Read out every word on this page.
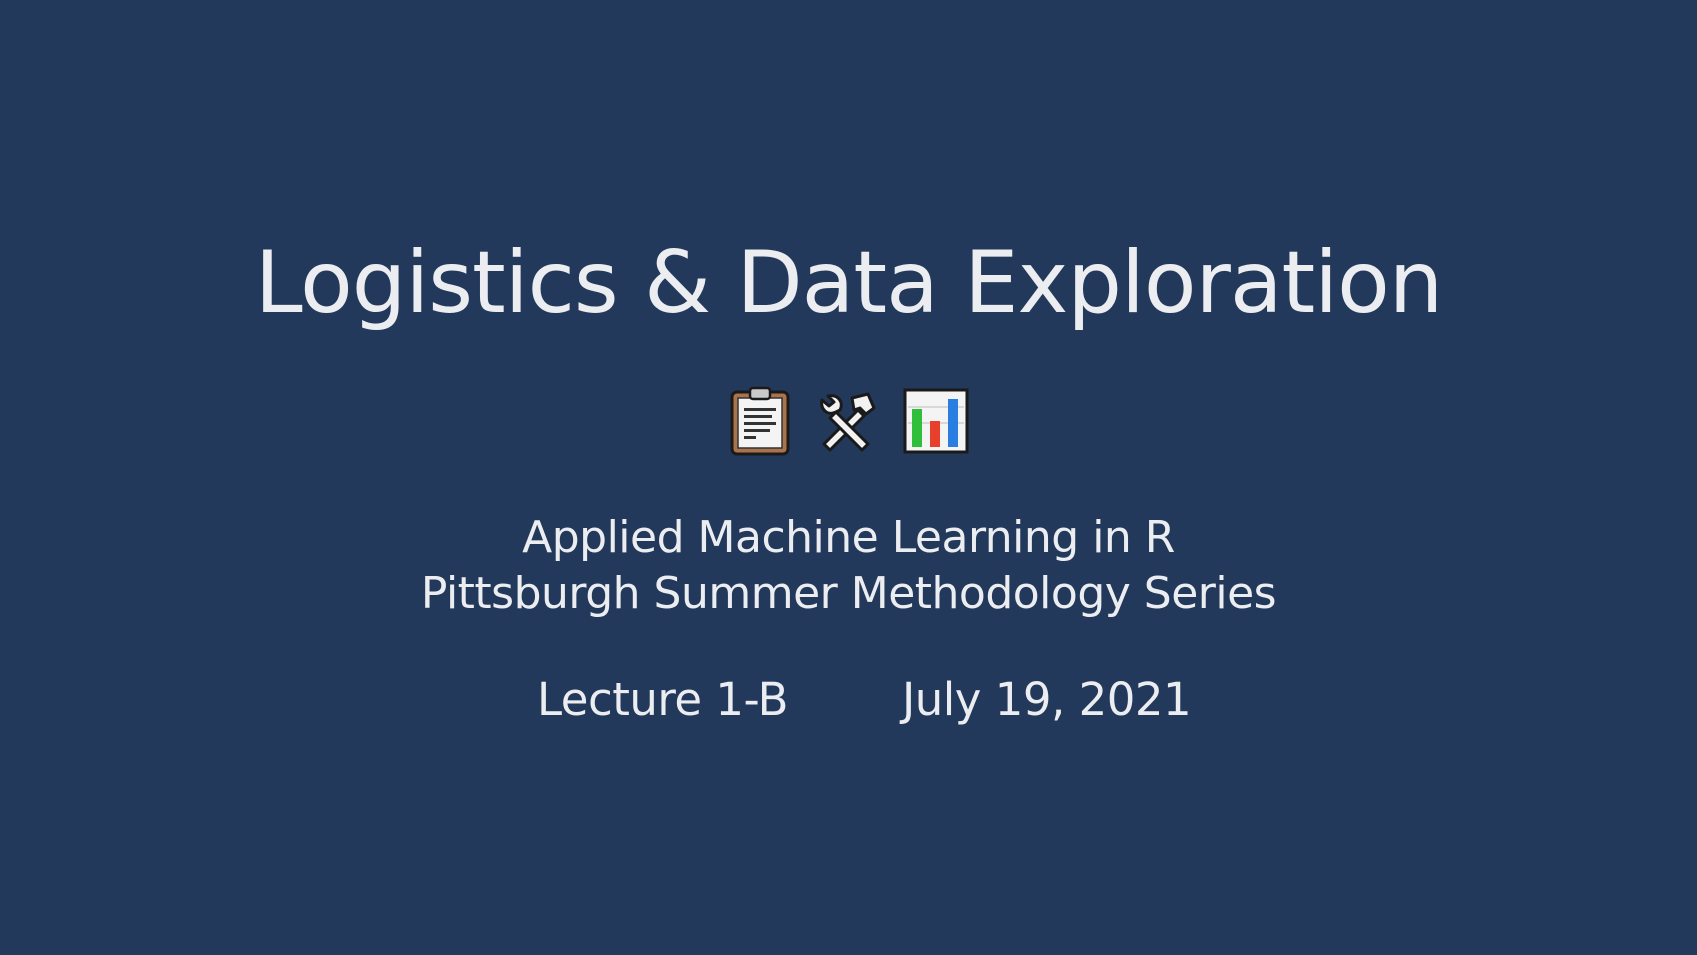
Logistics & Data Exploration
Applied Machine Learning in R
Pittsburgh Summer Methodology Series
Lecture 1-B	July 19, 2021
